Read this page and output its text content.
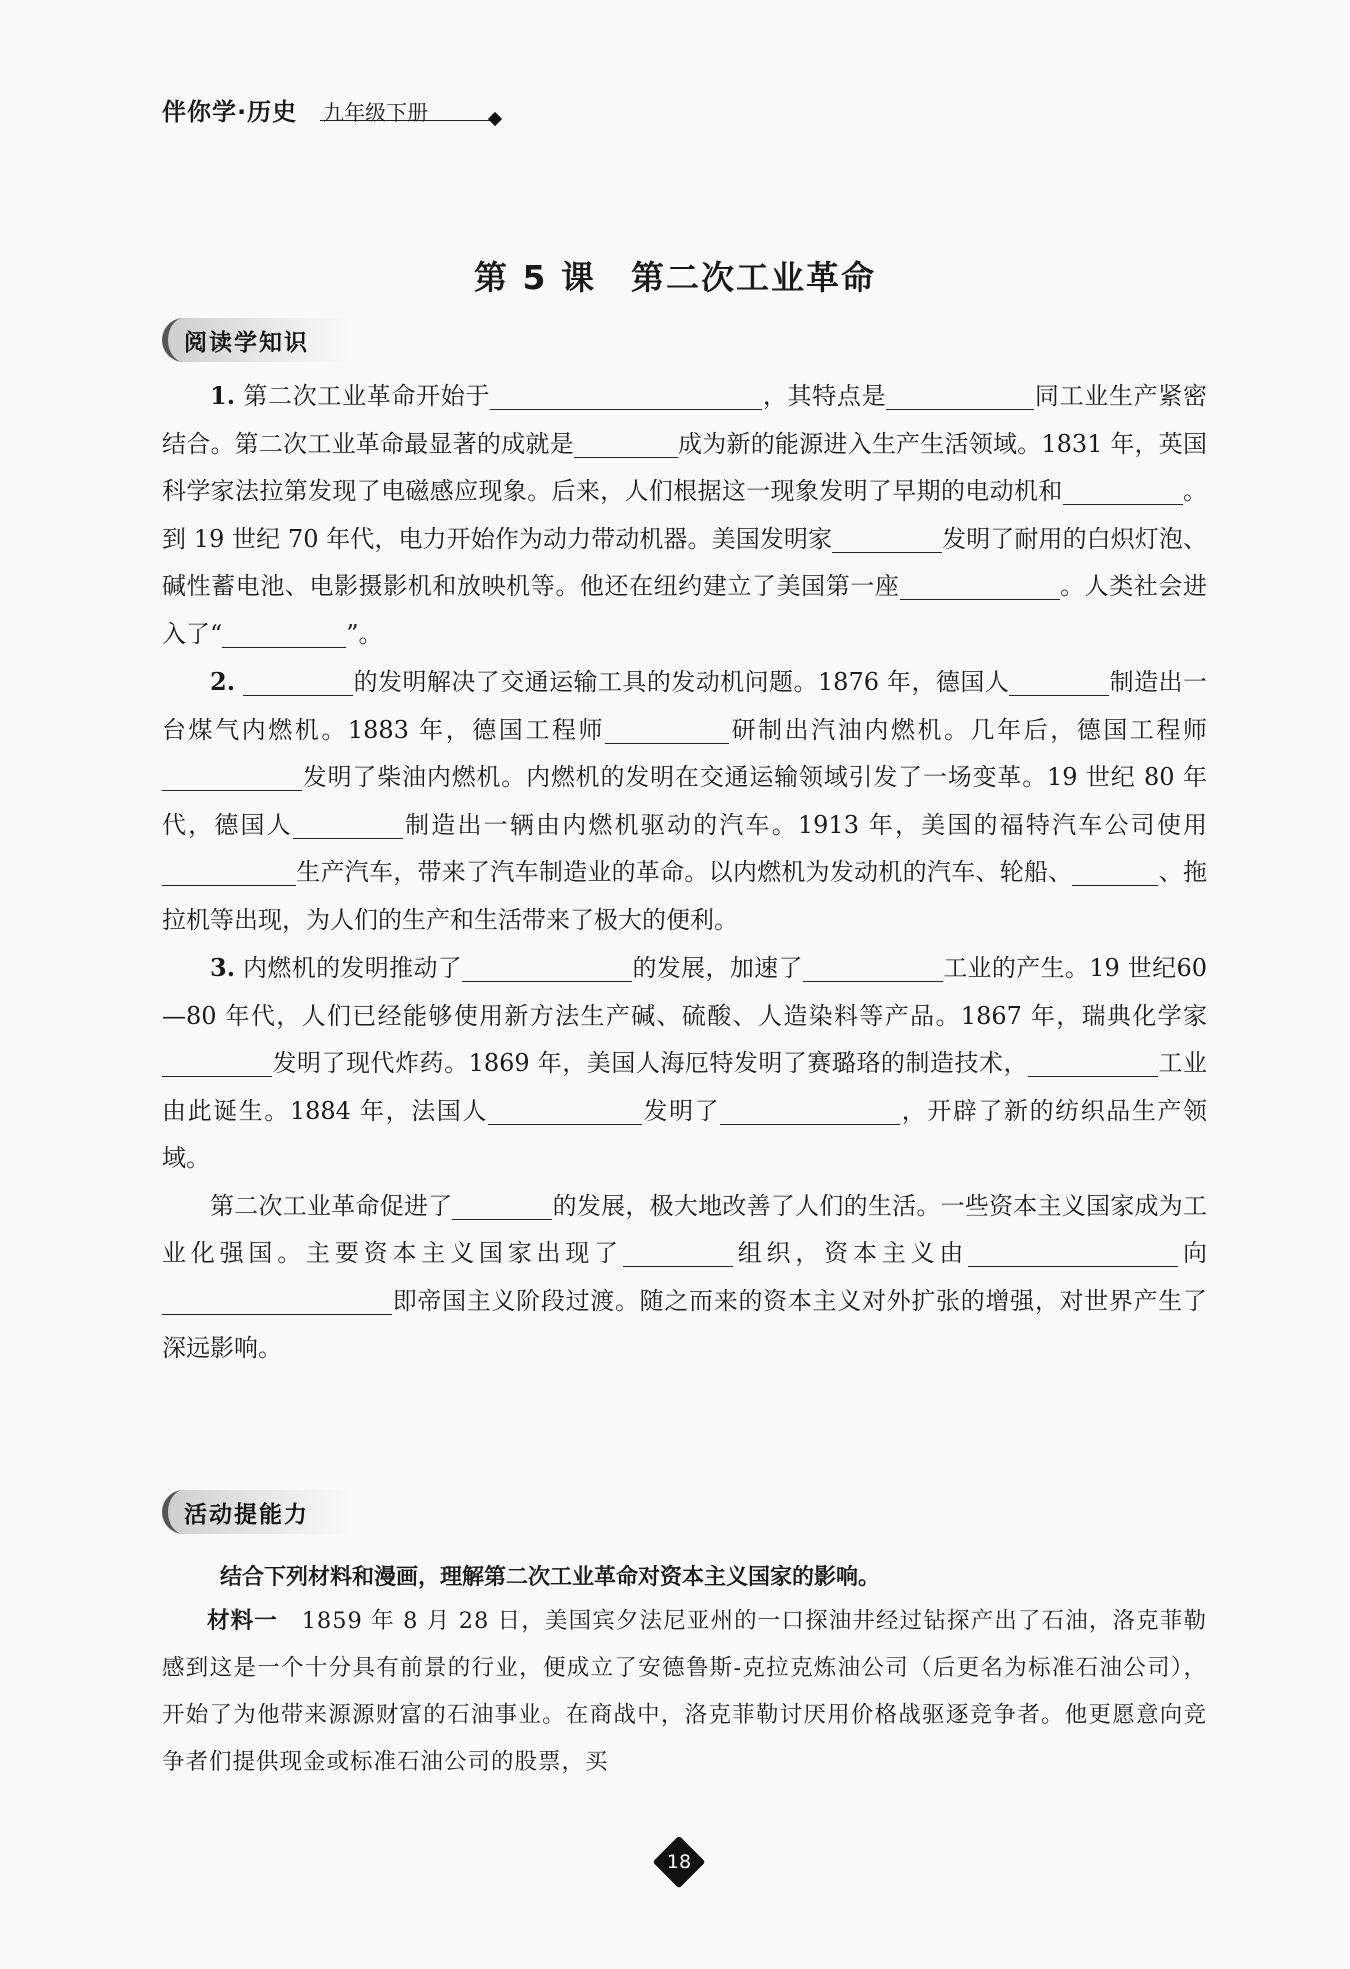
伴你学·历史 九年级下册
第 5 课　第二次工业革命
阅读学知识

1. 第二次工业革命开始于	，其特点是	同工业生产紧密结合。第二次工业革命最显著的成就是	成为新的能源进入生产生活领域。1831 年，英国科学家法拉第发现了电磁感应现象。后来，人们根据这一现象发明了早期的电动机和	。到 19 世纪 70 年代，电力开始作为动力带动机器。美国发明家	发明了耐用的白炽灯泡、碱性蓄电池、电影摄影机和放映机等。他还在纽约建立了美国第一座	。人类社会进入了“	”。

2.	的发明解决了交通运输工具的发动机问题。1876 年，德国人	制造出一台煤气内燃机。1883 年，德国工程师	研制出汽油内燃机。几年后，德国工程师发明了柴油内燃机。内燃机的发明在交通运输领域引发了一场变革。19 世纪 80 年代，德国人	制造出一辆由内燃机驱动的汽车。1913 年，美国的福特汽车公司使用生产汽车，带来了汽车制造业的革命。以内燃机为发动机的汽车、轮船、	、拖拉机等出现，为人们的生产和生活带来了极大的便利。

3. 内燃机的发明推动了	的发展，加速了	工业的产生。19 世纪60—80 年代，人们已经能够使用新方法生产碱、硫酸、人造染料等产品。1867 年，瑞典化学家发明了现代炸药。1869 年，美国人海厄特发明了赛璐珞的制造技术，	工业由此诞生。1884 年，法国人	发明了	，开辟了新的纺织品生产领域。

第二次工业革命促进了	的发展，极大地改善了人们的生活。一些资本主义国家成为工业化强国。主要资本主义国家出现了	组织，资本主义由	向即帝国主义阶段过渡。随之而来的资本主义对外扩张的增强，对世界产生了深远影响。

活动提能力
结合下列材料和漫画，理解第二次工业革命对资本主义国家的影响。

材料一　1859 年 8 月 28 日，美国宾夕法尼亚州的一口探油井经过钻探产出了石油，洛克菲勒感到这是一个十分具有前景的行业，便成立了安德鲁斯-克拉克炼油公司（后更名为标准石油公司），开始了为他带来源源财富的石油事业。在商战中，洛克菲勒讨厌用价格战驱逐竞争者。他更愿意向竞争者们提供现金或标准石油公司的股票，买

18
